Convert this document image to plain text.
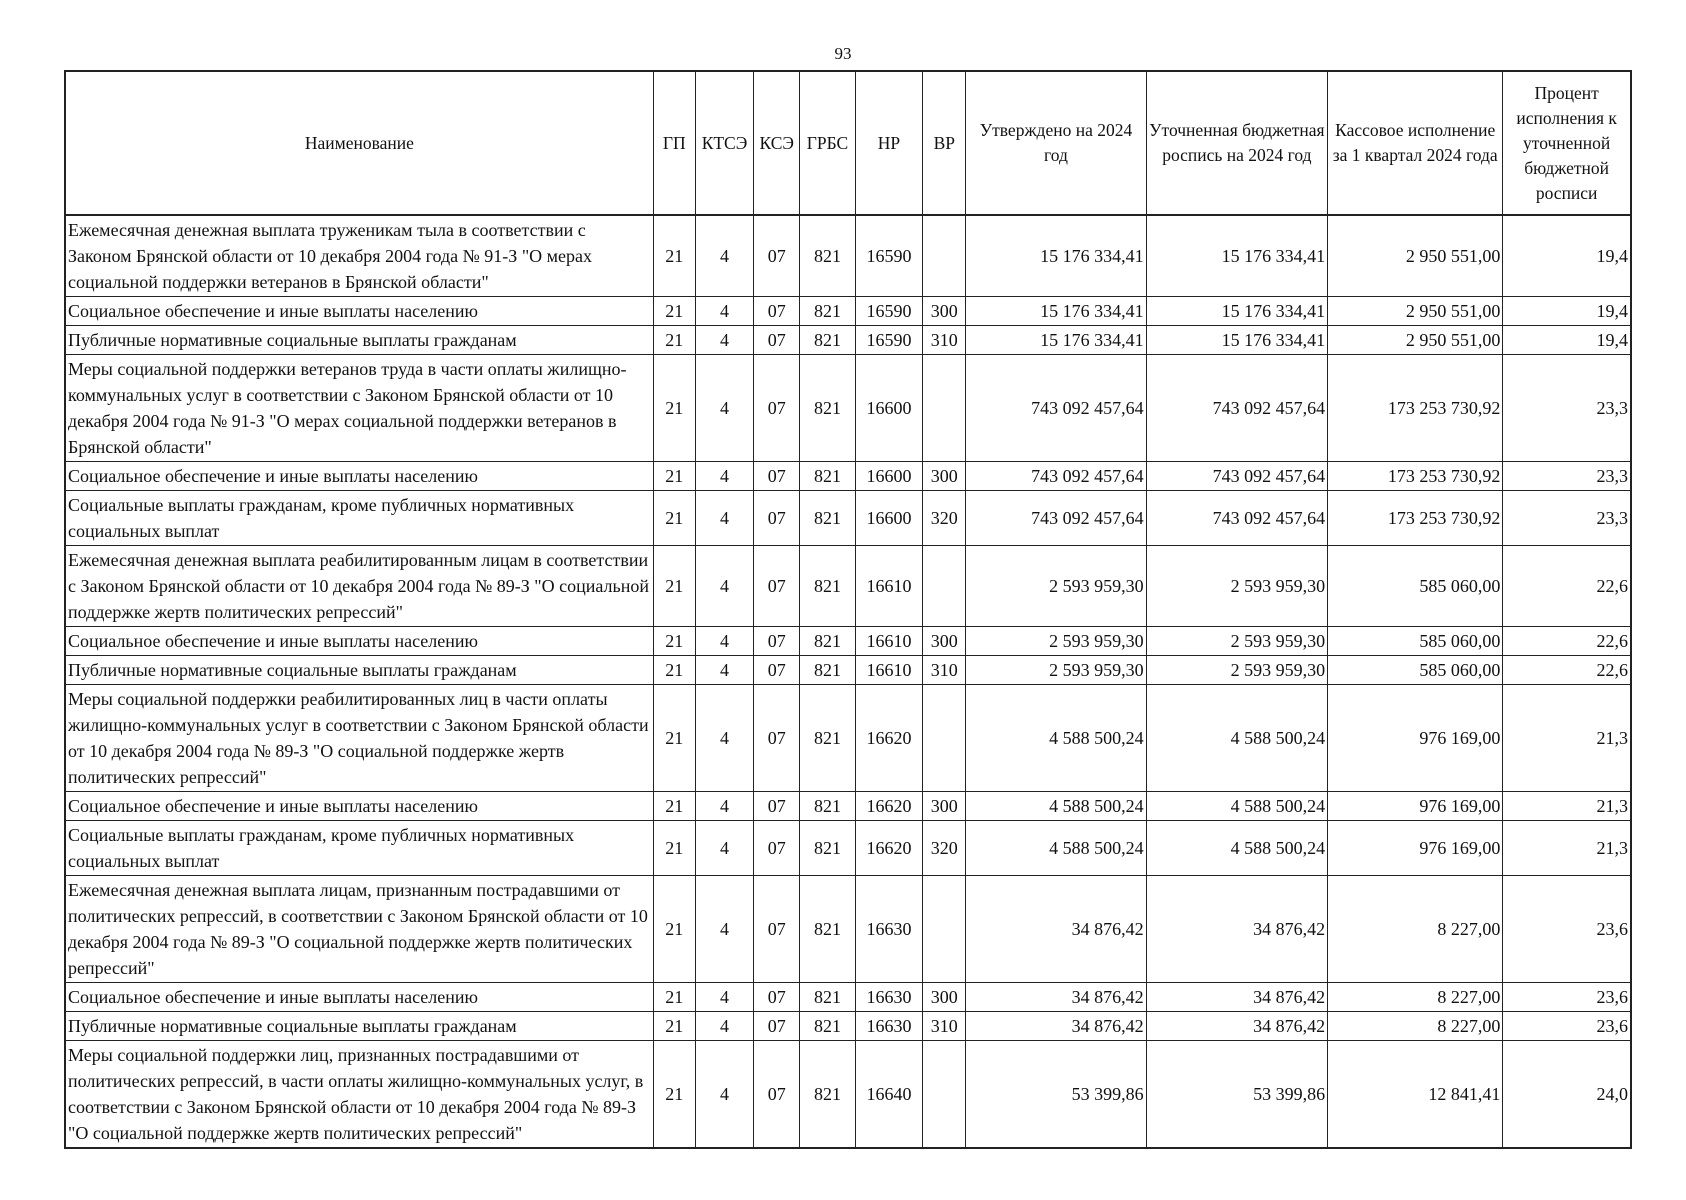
93
Наименование	ГП	КТСЭ	КСЭ	ГРБС	НР	ВР	Утверждено на 2024 год	Уточненная бюджетная роспись на 2024 год	Кассовое исполнение за 1 квартал 2024 года	Процент исполнения к уточненной бюджетной росписи
Ежемесячная денежная выплата труженикам тыла в соответствии с Законом Брянской области от 10 декабря 2004 года № 91-З "О мерах социальной поддержки ветеранов в Брянской области"	21	4	07	821	16590		15 176 334,41	15 176 334,41	2 950 551,00	19,4
Социальное обеспечение и иные выплаты населению	21	4	07	821	16590	300	15 176 334,41	15 176 334,41	2 950 551,00	19,4
Публичные нормативные социальные выплаты гражданам	21	4	07	821	16590	310	15 176 334,41	15 176 334,41	2 950 551,00	19,4
Меры социальной поддержки ветеранов труда в части оплаты жилищно-коммунальных услуг в соответствии с Законом Брянской области от 10 декабря 2004 года № 91-З "О мерах социальной поддержки ветеранов в Брянской области"	21	4	07	821	16600		743 092 457,64	743 092 457,64	173 253 730,92	23,3
Социальное обеспечение и иные выплаты населению	21	4	07	821	16600	300	743 092 457,64	743 092 457,64	173 253 730,92	23,3
Социальные выплаты гражданам, кроме публичных нормативных социальных выплат	21	4	07	821	16600	320	743 092 457,64	743 092 457,64	173 253 730,92	23,3
Ежемесячная денежная выплата реабилитированным лицам в соответствии с Законом Брянской области от 10 декабря 2004 года № 89-З "О социальной поддержке жертв политических репрессий"	21	4	07	821	16610		2 593 959,30	2 593 959,30	585 060,00	22,6
Социальное обеспечение и иные выплаты населению	21	4	07	821	16610	300	2 593 959,30	2 593 959,30	585 060,00	22,6
Публичные нормативные социальные выплаты гражданам	21	4	07	821	16610	310	2 593 959,30	2 593 959,30	585 060,00	22,6
Меры социальной поддержки реабилитированных лиц в части оплаты жилищно-коммунальных услуг в соответствии с Законом Брянской области от 10 декабря 2004 года № 89-З "О социальной поддержке жертв политических репрессий"	21	4	07	821	16620		4 588 500,24	4 588 500,24	976 169,00	21,3
Социальное обеспечение и иные выплаты населению	21	4	07	821	16620	300	4 588 500,24	4 588 500,24	976 169,00	21,3
Социальные выплаты гражданам, кроме публичных нормативных социальных выплат	21	4	07	821	16620	320	4 588 500,24	4 588 500,24	976 169,00	21,3
Ежемесячная денежная выплата лицам, признанным пострадавшими от политических репрессий, в соответствии с Законом Брянской области от 10 декабря 2004 года № 89-З "О социальной поддержке жертв политических репрессий"	21	4	07	821	16630		34 876,42	34 876,42	8 227,00	23,6
Социальное обеспечение и иные выплаты населению	21	4	07	821	16630	300	34 876,42	34 876,42	8 227,00	23,6
Публичные нормативные социальные выплаты гражданам	21	4	07	821	16630	310	34 876,42	34 876,42	8 227,00	23,6
Меры социальной поддержки лиц, признанных пострадавшими от политических репрессий, в части оплаты жилищно-коммунальных услуг, в соответствии с Законом Брянской области от 10 декабря 2004 года № 89-З "О социальной поддержке жертв политических репрессий"	21	4	07	821	16640		53 399,86	53 399,86	12 841,41	24,0
